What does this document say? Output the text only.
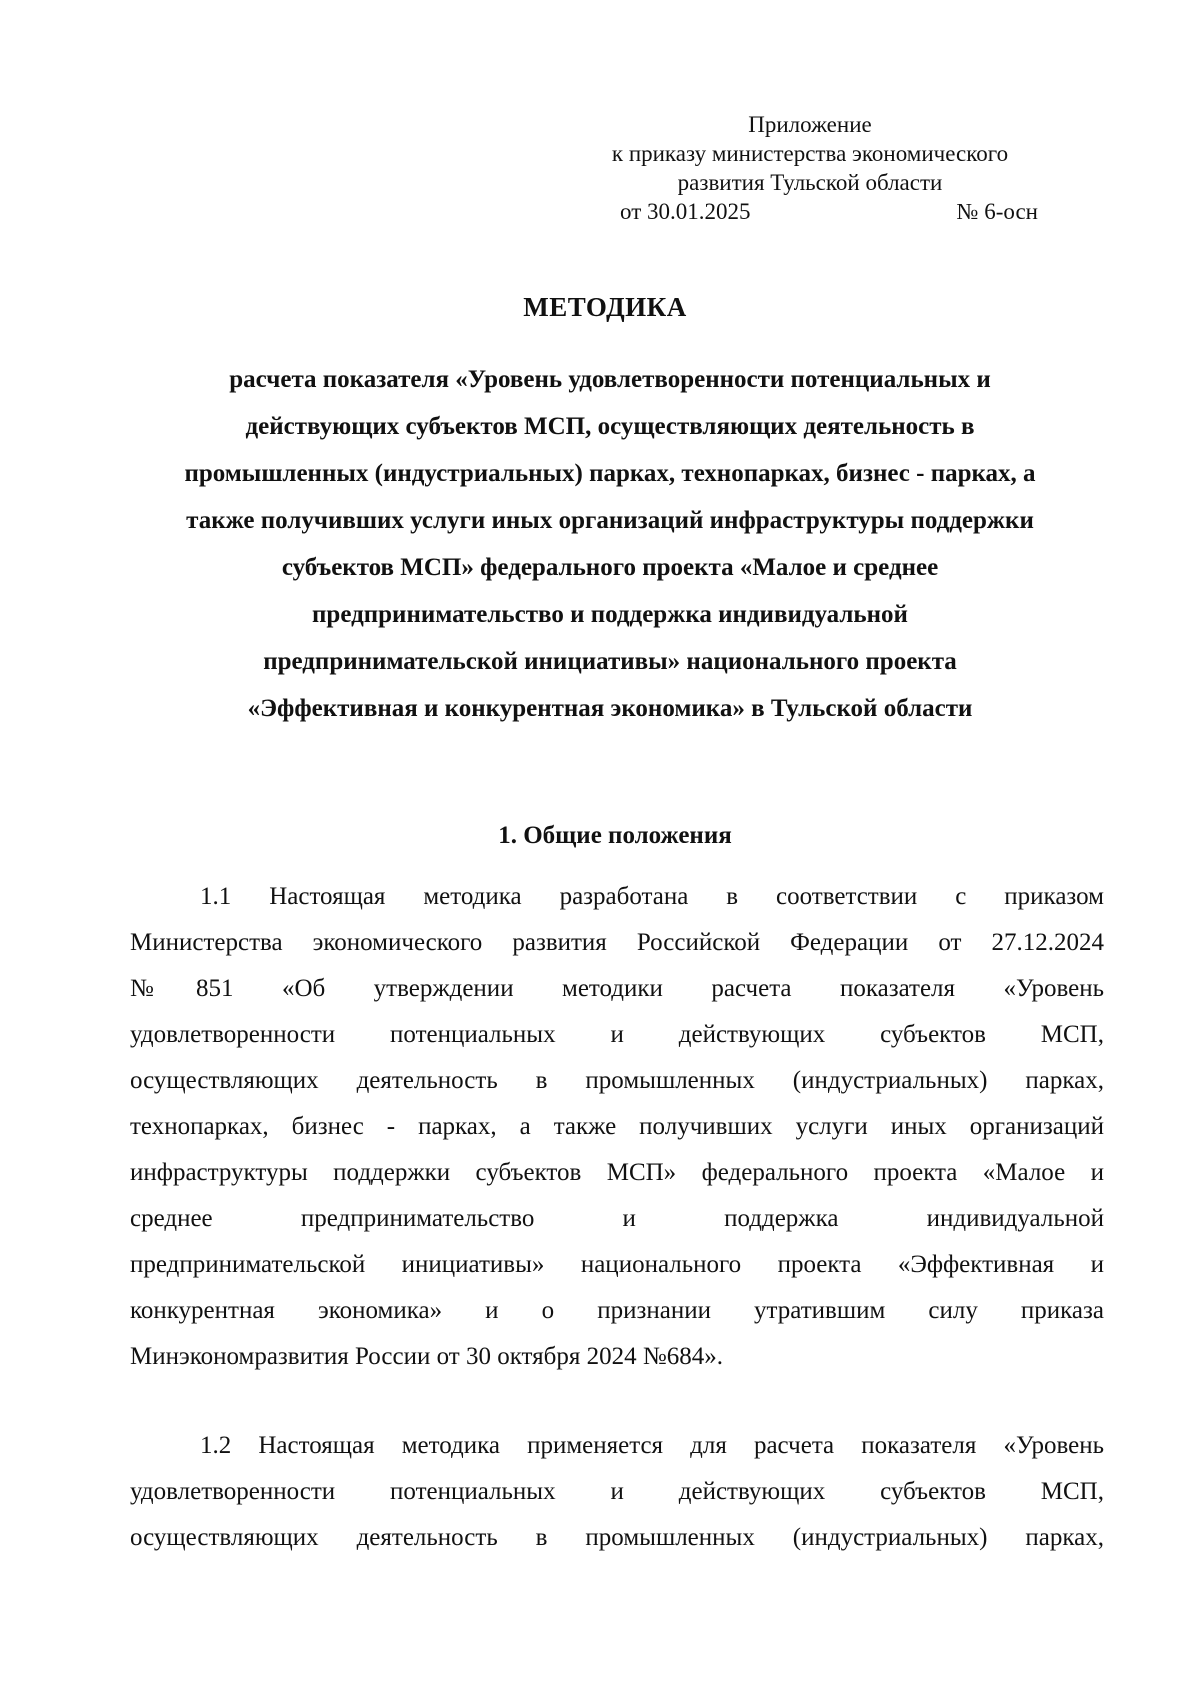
Приложение
к приказу министерства экономического
развития Тульской области
от 30.01.2025	№ 6-осн
МЕТОДИКА
расчета показателя «Уровень удовлетворенности потенциальных и
действующих субъектов МСП, осуществляющих деятельность в
промышленных (индустриальных) парках, технопарках, бизнес - парках, а
также получивших услуги иных организаций инфраструктуры поддержки
субъектов МСП» федерального проекта «Малое и среднее
предпринимательство и поддержка индивидуальной
предпринимательской инициативы» национального проекта
«Эффективная и конкурентная экономика» в Тульской области
1. Общие положения
1.1 Настоящая методика разработана в соответствии с приказом
Министерства экономического развития Российской Федерации от 27.12.2024
№851 «Об утверждении методики расчета показателя «Уровень
удовлетворенности потенциальных и действующих субъектов МСП,
осуществляющих деятельность в промышленных (индустриальных) парках,
технопарках, бизнес - парках, а также получивших услуги иных организаций
инфраструктуры поддержки субъектов МСП» федерального проекта «Малое и
среднее предпринимательство и поддержка индивидуальной
предпринимательской инициативы» национального проекта «Эффективная и
конкурентная экономика» и о признании утратившим силу приказа
Минэкономразвития России от 30 октября 2024 №684».
1.2 Настоящая методика применяется для расчета показателя «Уровень
удовлетворенности потенциальных и действующих субъектов МСП,
осуществляющих деятельность в промышленных (индустриальных) парках,
